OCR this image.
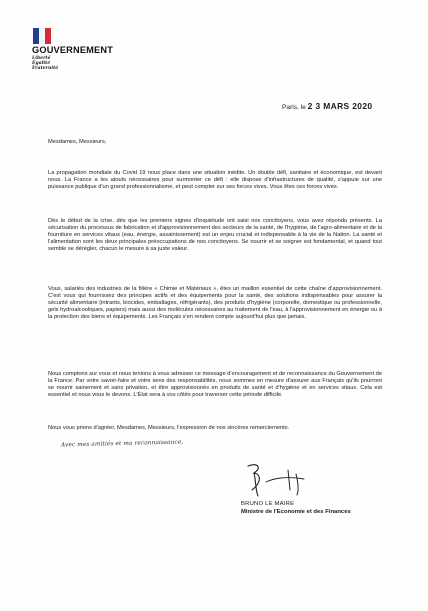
GOUVERNEMENT
Liberté
Égalité
Fraternité
Paris, le 2 3 MARS 2020
Mesdames, Messieurs,
La propagation mondiale du Covid 19 nous place dans une situation inédite. Un double défi, sanitaire et économique, est devant nous. La France a les atouts nécessaires pour surmonter ce défi : elle dispose d'infrastructures de qualité, s'appuie sur une puissance publique d'un grand professionnalisme, et peut compter sur ses forces vives. Vous êtes ces forces vives.
Dès le début de la crise, dès que les premiers signes d'inquiétude ont saisi nos concitoyens, vous avez répondu présents. La sécurisation du processus de fabrication et d'approvisionnement des secteurs de la santé, de l'hygiène, de l'agro-alimentaire et de la fourniture en services vitaux (eau, énergie, assainissement) est un enjeu crucial et indispensable à la vie de la Nation. La santé et l'alimentation sont les deux principales préoccupations de nos concitoyens. Se nourrir et se soigner est fondamental, et quand tout semble se dérégler, chacun le mesure à sa juste valeur.
Vous, salariés des industries de la filière « Chimie et Matériaux », êtes un maillon essentiel de cette chaîne d'approvisionnement. C'est vous qui fournissez des principes actifs et des équipements pour la santé, des solutions indispensables pour assurer la sécurité alimentaire (intrants, biocides, emballages, réfrigérants), des produits d'hygiène (corporelle, domestique ou professionnelle, gels hydroalcooliques, papiers) mais aussi des molécules nécessaires au traitement de l'eau, à l'approvisionnement en énergie ou à la protection des biens et équipements. Les Français s'en rendent compte aujourd'hui plus que jamais.
Nous comptons sur vous et nous tenions à vous adresser ce message d'encouragement et de reconnaissance du Gouvernement de la France. Par votre savoir-faire et votre sens des responsabilités, nous sommes en mesure d'assurer aux Français qu'ils pourront se nourrir sainement et sans privation, et être approvisionnés en produits de santé et d'hygiène et en services vitaux. Cela est essentiel et nous vous le devons. L'État sera à vos côtés pour traverser cette période difficile.
Nous vous prions d'agréer, Mesdames, Messieurs, l'expression de nos sincères remerciements.
Avec mes amitiés et ma reconnaissance,
BRUNO LE MAIRE
Ministre de l'Economie et des Finances
